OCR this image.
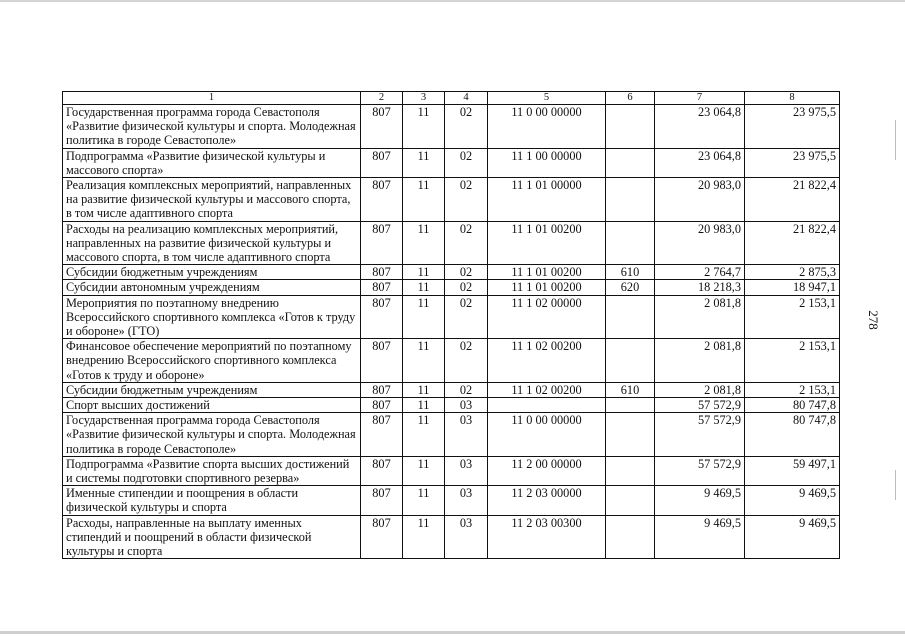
1	2	3	4	5	6	7	8
Государственная программа города Севастополя «Развитие физической культуры и спорта. Молодежная политика в городе Севастополе»	807	11	02	11 0 00 00000		23 064,8	23 975,5
Подпрограмма «Развитие физической культуры и массового спорта»	807	11	02	11 1 00 00000		23 064,8	23 975,5
Реализация комплексных мероприятий, направленных на развитие физической культуры и массового спорта, в том числе адаптивного спорта	807	11	02	11 1 01 00000		20 983,0	21 822,4
Расходы на реализацию комплексных мероприятий, направленных на развитие физической культуры и массового спорта, в том числе адаптивного спорта	807	11	02	11 1 01 00200		20 983,0	21 822,4
Субсидии бюджетным учреждениям	807	11	02	11 1 01 00200	610	2 764,7	2 875,3
Субсидии автономным учреждениям	807	11	02	11 1 01 00200	620	18 218,3	18 947,1
Мероприятия по поэтапному внедрению Всероссийского спортивного комплекса «Готов к труду и обороне» (ГТО)	807	11	02	11 1 02 00000		2 081,8	2 153,1
Финансовое обеспечение мероприятий по поэтапному внедрению Всероссийского спортивного комплекса «Готов к труду и обороне»	807	11	02	11 1 02 00200		2 081,8	2 153,1
Субсидии бюджетным учреждениям	807	11	02	11 1 02 00200	610	2 081,8	2 153,1
Спорт высших достижений	807	11	03			57 572,9	80 747,8
Государственная программа города Севастополя «Развитие физической культуры и спорта. Молодежная политика в городе Севастополе»	807	11	03	11 0 00 00000		57 572,9	80 747,8
Подпрограмма «Развитие спорта высших достижений и системы подготовки спортивного резерва»	807	11	03	11 2 00 00000		57 572,9	59 497,1
Именные стипендии и поощрения в области физической культуры и спорта	807	11	03	11 2 03 00000		9 469,5	9 469,5
Расходы, направленные на выплату именных стипендий и поощрений в области физической культуры и спорта	807	11	03	11 2 03 00300		9 469,5	9 469,5
278
